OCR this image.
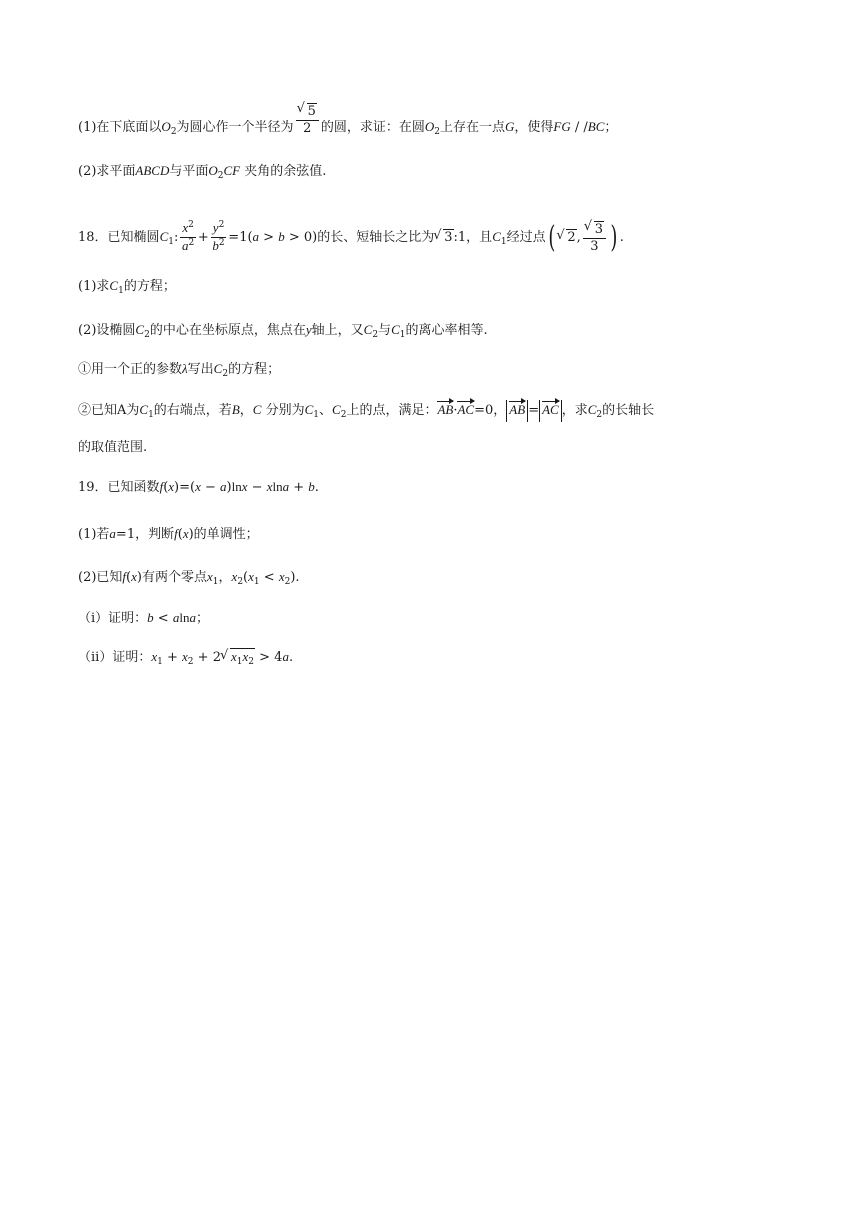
(1)在下底面以$O_2$为圆心作一个半径为
√ $\frac{5}{2}$ 的圆，求证：在圆$O_2$上存在一点G，使得FG / /BC；
(2)求平面ABCD与平面$O_2CF$ 夹角的余弦值.
18．已知椭圆$C_1$: $\frac{x^2}{a^2} + \frac{y^2}{b^2} =1(a > b > 0)$的长、短轴长之比为√ 3:1，且$C_1$经过点(√ 2,
√ $\frac{3}{3}$ ) .
(1)求$C_1$的方程；
(2)设椭圆$C_2$的中心在坐标原点，焦点在y轴上，又$C_2$与$C_1$的离心率相等.
①用一个正的参数λ写出$C_2$的方程；
②已知A为$C_1$的右端点，若B，C 分别为$C_1$、$C_2$上的点，满足：AB·AC=0， AB = AC ，求$C_2$的长轴长
的取值范围.
19．已知函数f(x)=(x − a)lnx − xlna + b.
(1)若a=1，判断f(x)的单调性；
(2)已知f(x)有两个零点$x_1$，$x_2(x_1 < x_2)$.
（i）证明：b < alna；
（ii）证明：$x_1 + x_2 + 2√$ $x_1x_2 > 4a$.
